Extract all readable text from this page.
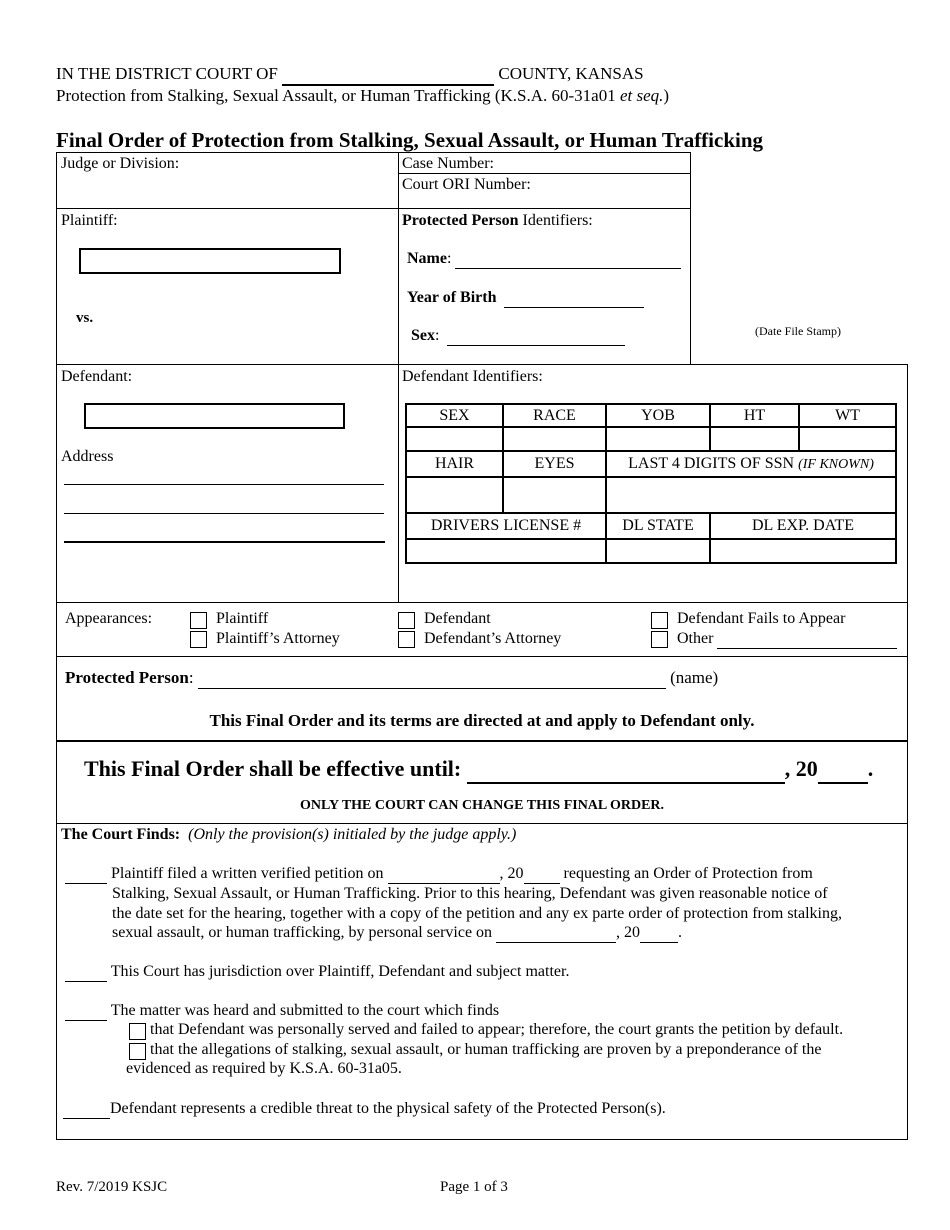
IN THE DISTRICT COURT OF	COUNTY, KANSAS
Protection from Stalking, Sexual Assault, or Human Trafficking (K.S.A. 60-31a01 et seq.)
Final Order of Protection from Stalking, Sexual Assault, or Human Trafficking
Judge or Division:	Case Number:
Court ORI Number:
Plaintiff:
vs.
Protected Person Identifiers:
Name:
Year of Birth
Sex:	(Date File Stamp)
Defendant:
Address
Defendant Identifiers:
SEX	RACE	YOB	HT	WT

HAIR	EYES	LAST 4 DIGITS OF SSN (IF KNOWN)		

DRIVERS LICENSE #		DL STATE	DL EXP. DATE	

Appearances:	Plaintiff
Plaintiff’s Attorney
Defendant
Defendant’s Attorney
Defendant Fails to Appear
Other
Protected Person:	(name)
This Final Order and its terms are directed at and apply to Defendant only.
This Final Order shall be effective until:	, 20 .
ONLY THE COURT CAN CHANGE THIS FINAL ORDER.
The Court Finds: (Only the provision(s) initialed by the judge apply.)
Plaintiff filed a written verified petition on	, 20	requesting an Order of Protection from
Stalking, Sexual Assault, or Human Trafficking. Prior to this hearing, Defendant was given reasonable notice of
the date set for the hearing, together with a copy of the petition and any ex parte order of protection from stalking,
sexual assault, or human trafficking, by personal service on	, 20 .
This Court has jurisdiction over Plaintiff, Defendant and subject matter.
The matter was heard and submitted to the court which finds
that Defendant was personally served and failed to appear; therefore, the court grants the petition by default.
that the allegations of stalking, sexual assault, or human trafficking are proven by a preponderance of the
evidenced as required by K.S.A. 60-31a05.
Defendant represents a credible threat to the physical safety of the Protected Person(s).
Rev. 7/2019 KSJC	Page 1 of 3
